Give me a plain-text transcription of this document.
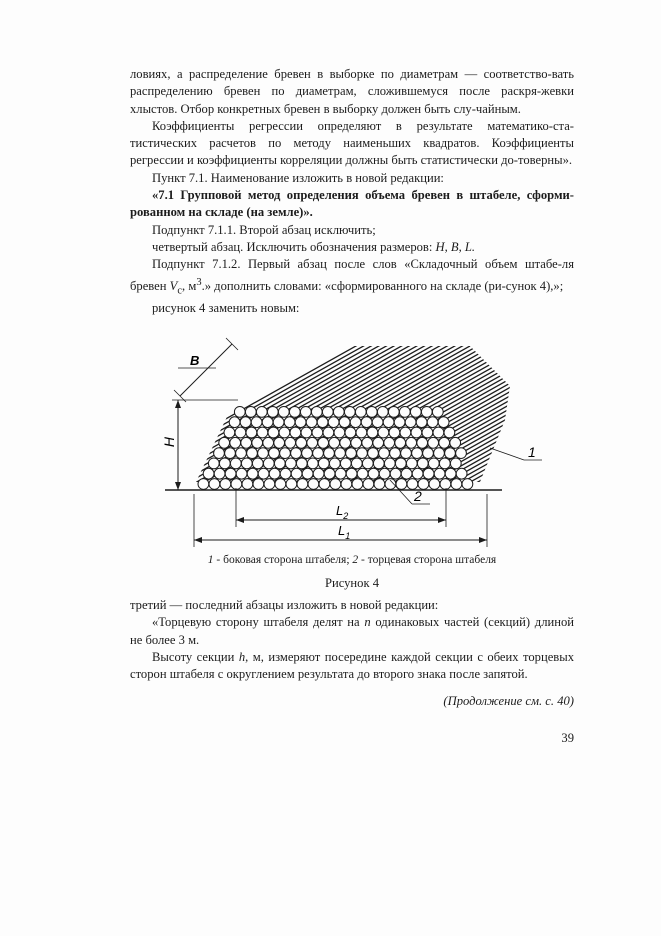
ловиях, а распределение бревен в выборке по диаметрам — соответство-вать распределению бревен по диаметрам, сложившемуся после раскря-жевки хлыстов. Отбор конкретных бревен в выборку должен быть слу-чайным.

Коэффициенты регрессии определяют в результате математико-ста-тистических расчетов по методу наименьших квадратов. Коэффициенты регрессии и коэффициенты корреляции должны быть статистически до-товерны».

Пункт 7.1. Наименование изложить в новой редакции:

«7.1 Групповой метод определения объема бревен в штабеле, сформи-рованном на складе (на земле)».

Подпункт 7.1.1. Второй абзац исключить;

четвертый абзац. Исключить обозначения размеров: H, B, L.

Подпункт 7.1.2. Первый абзац после слов «Складочный объем штабе-ля бревен $V_с$, $м^3$.» дополнить словами: «сформированного на складе (ри-сунок 4),»;

рисунок 4 заменить новым:

H
B
$L_2$
$L_1$
2
1
1 - боковая сторона штабеля; 2 - торцевая сторона штабеля
Рисунок 4

третий — последний абзацы изложить в новой редакции:

«Торцевую сторону штабеля делят на n одинаковых частей (секций) длиной не более 3 м.

Высоту секции h, м, измеряют посередине каждой секции с обеих торцевых сторон штабеля с округлением результата до второго знака после запятой.

(Продолжение см. с. 40)
39
